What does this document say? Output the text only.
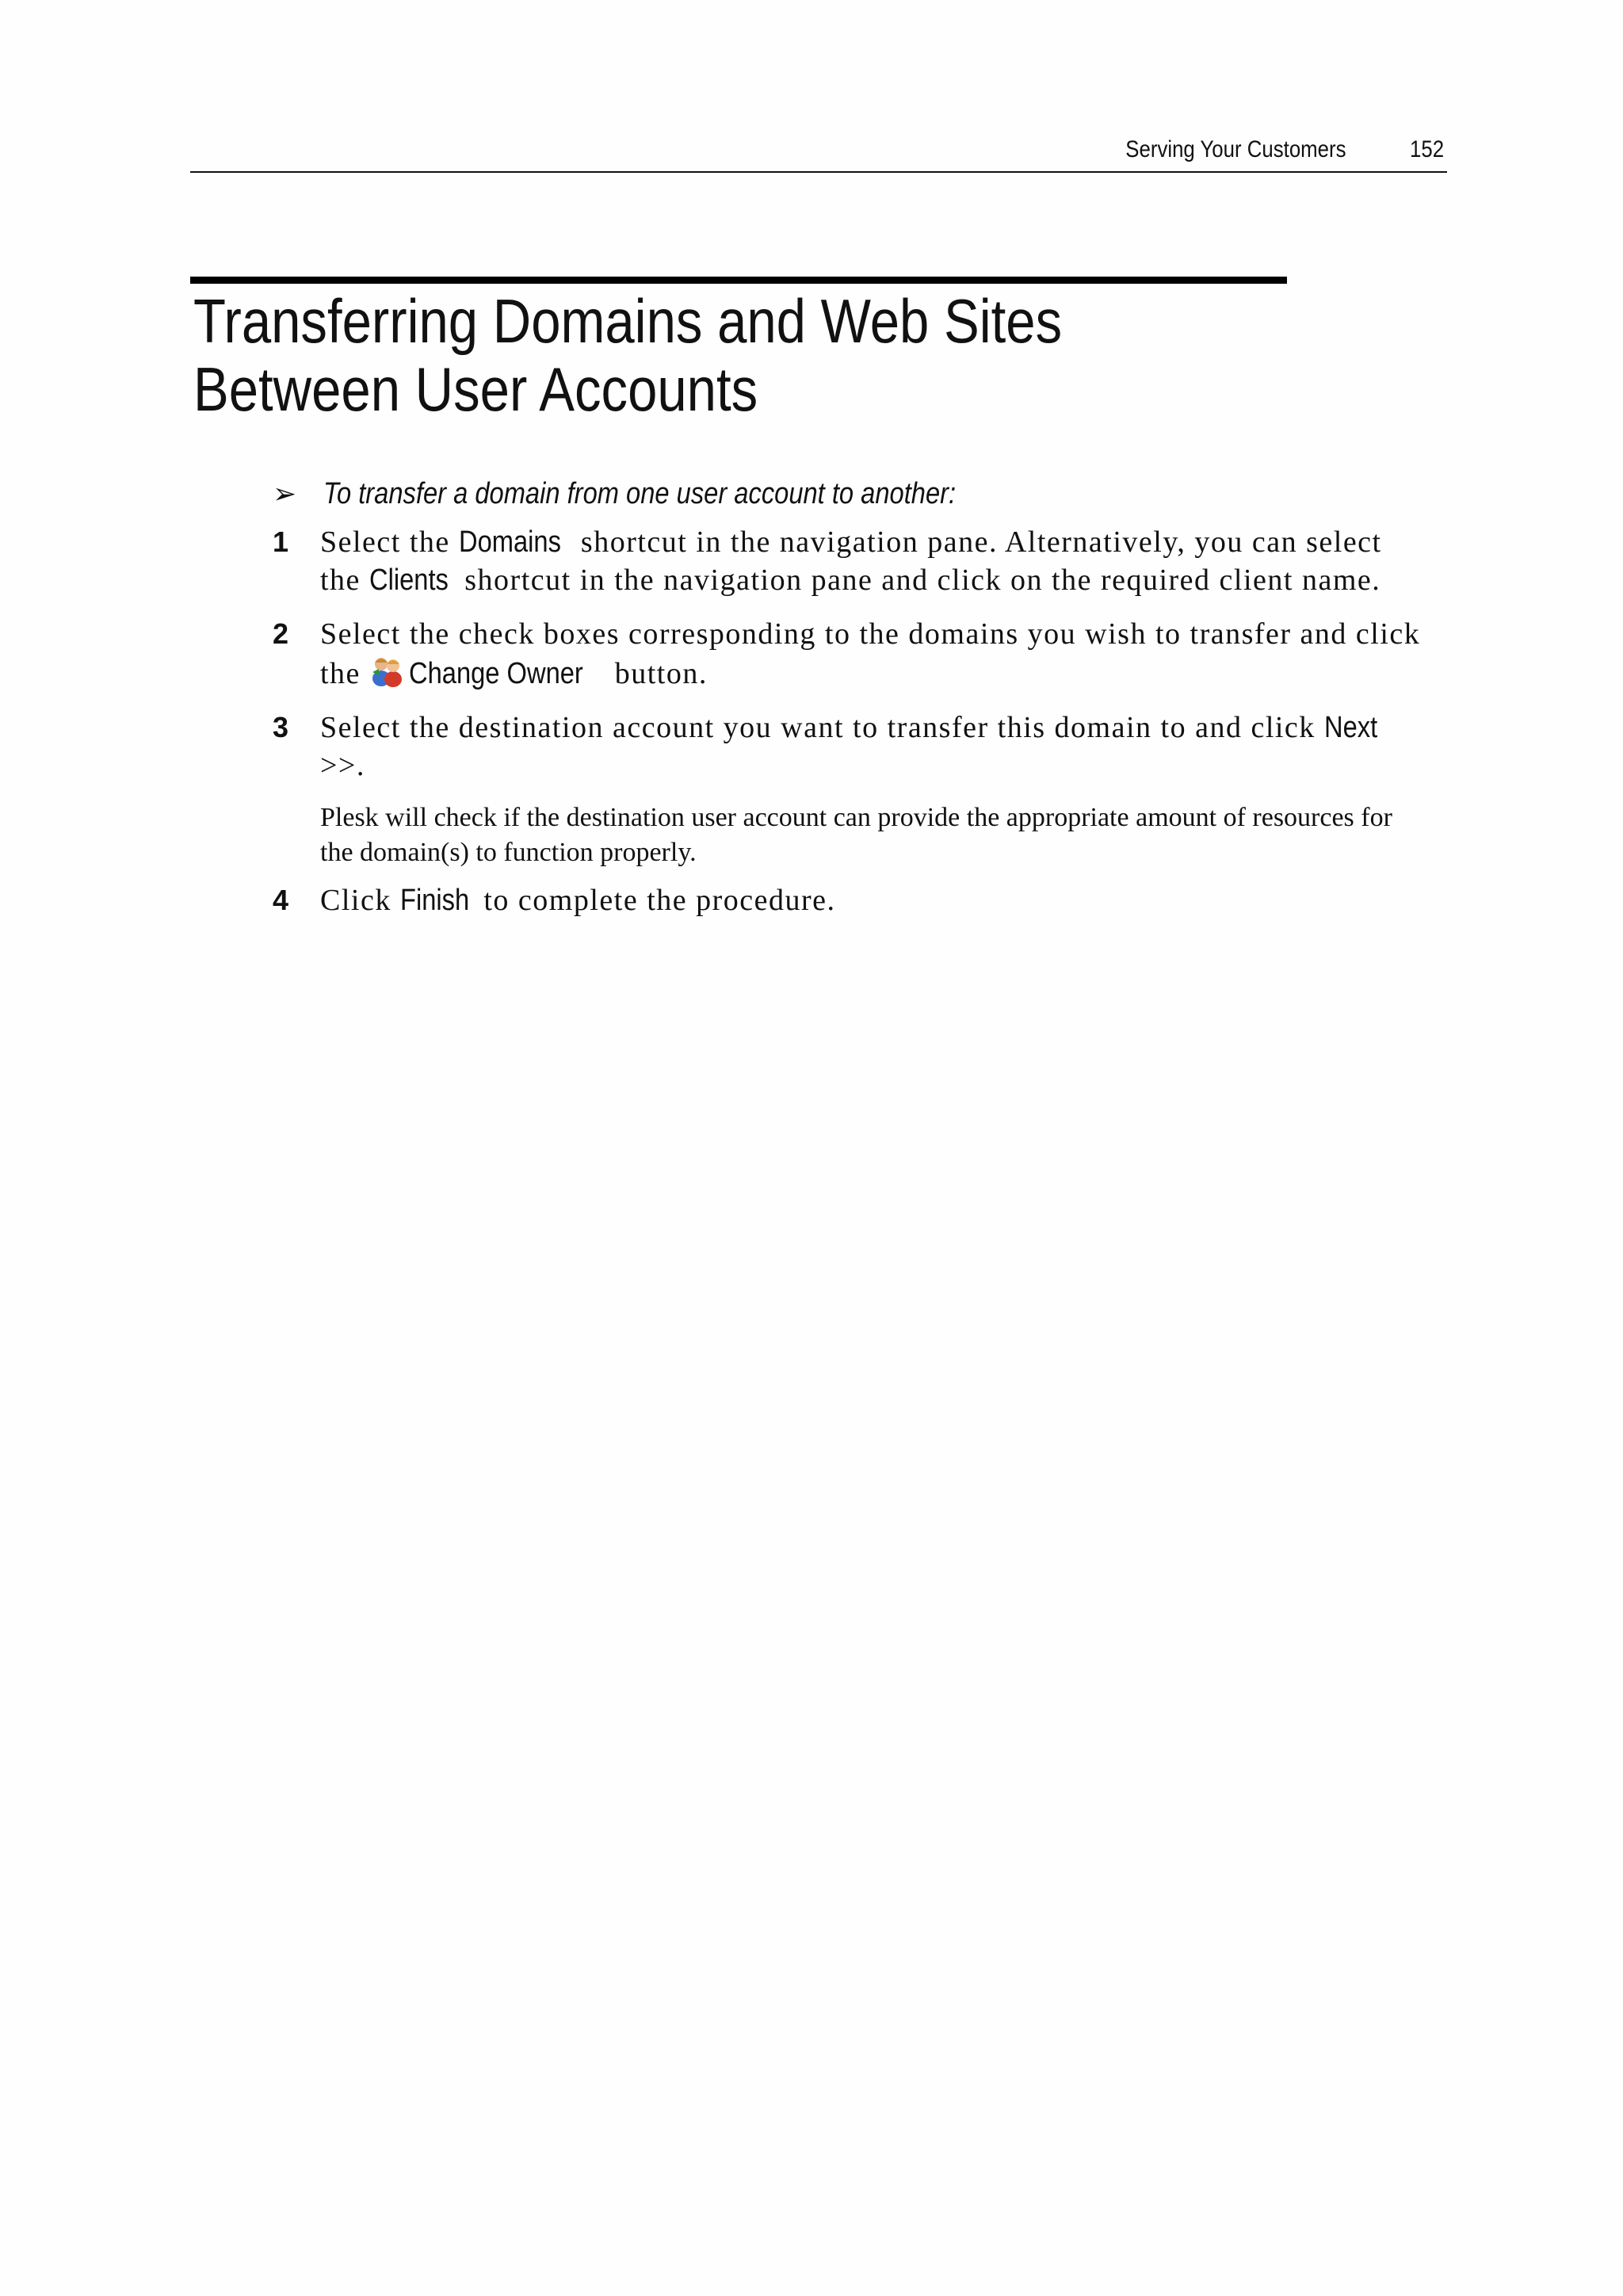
Serving Your Customers	152
Transferring Domains and Web Sites Between User Accounts
➢ To transfer a domain from one user account to another:
1 Select the Domains shortcut in the navigation pane. Alternatively, you can select the Clients shortcut in the navigation pane and click on the required client name.
2 Select the check boxes corresponding to the domains you wish to transfer and click the Change Owner button.
3 Select the destination account you want to transfer this domain to and click Next >>.

Plesk will check if the destination user account can provide the appropriate amount of resources for the domain(s) to function properly.

4 Click Finish to complete the procedure.
